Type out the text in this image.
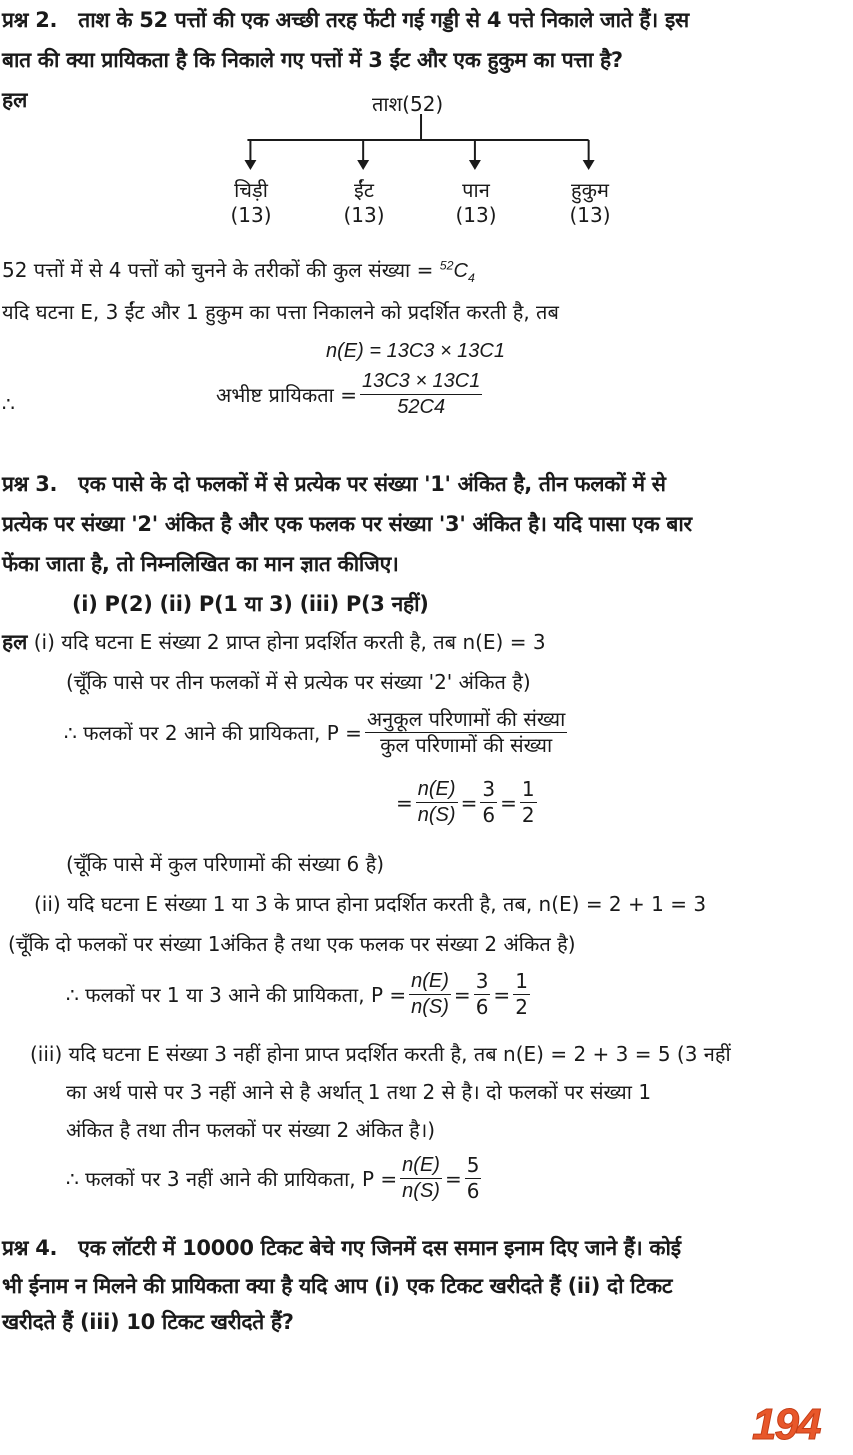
प्रश्न 2. ताश के 52 पत्तों की एक अच्छी तरह फेंटी गई गड्डी से 4 पत्ते निकाले जाते हैं। इस
बात की क्या प्रायिकता है कि निकाले गए पत्तों में 3 ईंट और एक हुकुम का पत्ता है?
हल	ताश(52)
चिड़ी
(13)
ईंट
(13)
पान
(13)
हुकुम
(13)
52 पत्तों में से 4 पत्तों को चुनने के तरीकों की कुल संख्या = $^{52}C_4$
यदि घटना E, 3 ईंट और 1 हुकुम का पत्ता निकालने को प्रदर्शित करती है, तब
n(E) = 13C3 × 13C1
∴	अभीष्ट प्रायिकता = $\frac{13C3 \times 13C1}{52C4}$
प्रश्न 3. एक पासे के दो फलकों में से प्रत्येक पर संख्या '1' अंकित है, तीन फलकों में से
प्रत्येक पर संख्या '2' अंकित है और एक फलक पर संख्या '3' अंकित है। यदि पासा एक बार
फेंका जाता है, तो निम्नलिखित का मान ज्ञात कीजिए।
(i) P(2) (ii) P(1 या 3) (iii) P(3 नहीं)
हल (i) यदि घटना E संख्या 2 प्राप्त होना प्रदर्शित करती है, तब n(E) = 3
(चूँकि पासे पर तीन फलकों में से प्रत्येक पर संख्या '2' अंकित है)
∴ फलकों पर 2 आने की प्रायिकता, $P = \frac{\text{अनुकूल परिणामों की संख्या}}{\text{कुल परिणामों की संख्या}}$
= $\frac{n(E)}{n(S)} = \frac{3}{6} = \frac{1}{2}$
(चूँकि पासे में कुल परिणामों की संख्या 6 है)
(ii) यदि घटना E संख्या 1 या 3 के प्राप्त होना प्रदर्शित करती है, तब, n(E) = 2 + 1 = 3
(चूँकि दो फलकों पर संख्या 1अंकित है तथा एक फलक पर संख्या 2 अंकित है)
∴ फलकों पर 1 या 3 आने की प्रायिकता, $P = \frac{n(E)}{n(S)} = \frac{3}{6} = \frac{1}{2}$
(iii) यदि घटना E संख्या 3 नहीं होना प्राप्त प्रदर्शित करती है, तब n(E) = 2 + 3 = 5 (3 नहीं
का अर्थ पासे पर 3 नहीं आने से है अर्थात् 1 तथा 2 से है। दो फलकों पर संख्या 1
अंकित है तथा तीन फलकों पर संख्या 2 अंकित है।)
∴ फलकों पर 3 नहीं आने की प्रायिकता, $P = \frac{n(E)}{n(S)} = \frac{5}{6}$
प्रश्न 4. एक लॉटरी में 10000 टिकट बेचे गए जिनमें दस समान इनाम दिए जाने हैं। कोई
भी ईनाम न मिलने की प्रायिकता क्या है यदि आप (i) एक टिकट खरीदते हैं (ii) दो टिकट
खरीदते हैं (iii) 10 टिकट खरीदते हैं?
194
